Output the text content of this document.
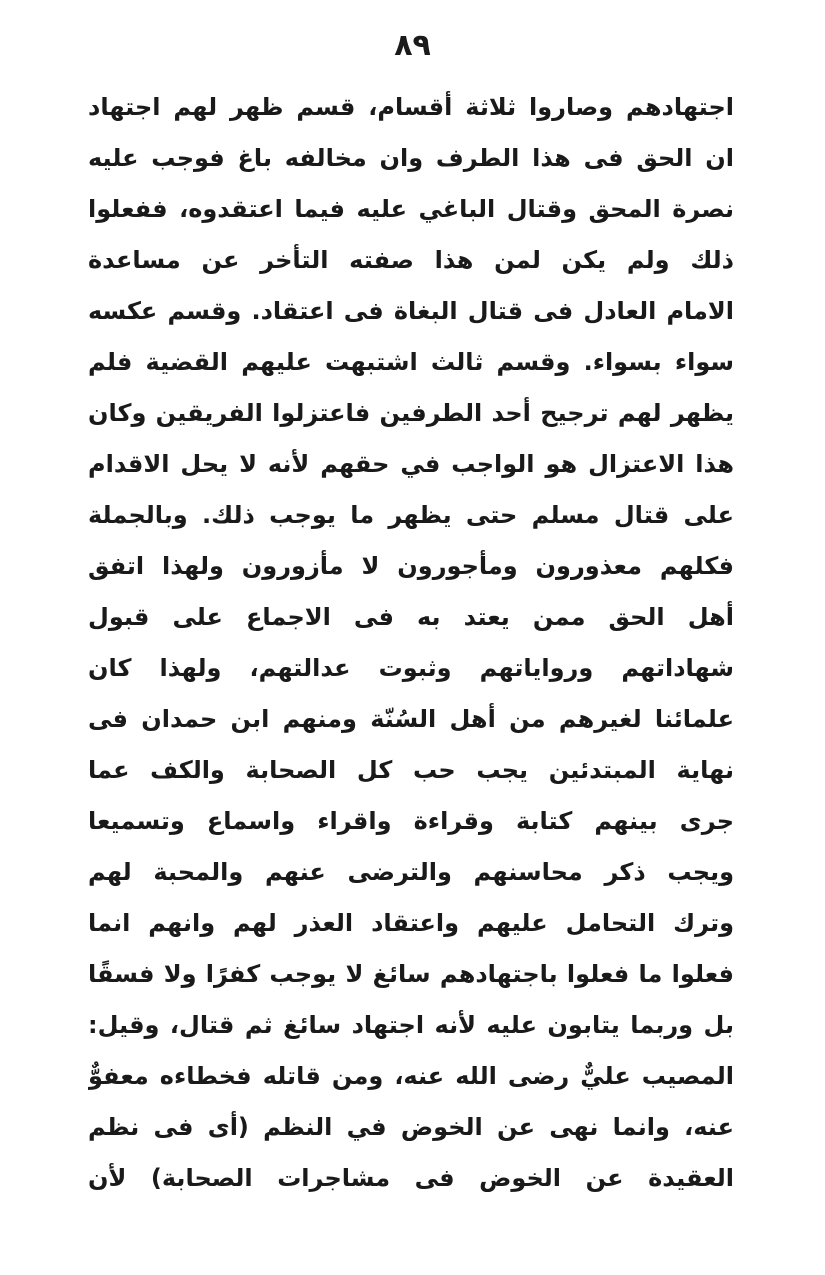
٨٩
اجتهادهم وصاروا ثلاثة أقسام، قسم ظهر لهم اجتهاد
ان الحق فى هذا الطرف وان مخالفه باغ فوجب عليه
نصرة المحق وقتال الباغي عليه فيما اعتقدوه، ففعلوا
ذلك ولم يكن لمن هذا صفته التأخر عن مساعدة
الامام العادل فى قتال البغاة فى اعتقاد. وقسم عكسه
سواء بسواء. وقسم ثالث اشتبهت عليهم القضية فلم
يظهر لهم ترجيح أحد الطرفين فاعتزلوا الفريقين وكان
هذا الاعتزال هو الواجب في حقهم لأنه لا يحل الاقدام
على قتال مسلم حتى يظهر ما يوجب ذلك. وبالجملة
فكلهم معذورون ومأجورون لا مأزورون ولهذا اتفق
أهل الحق ممن يعتد به فى الاجماع على قبول
شهاداتهم ورواياتهم وثبوت عدالتهم، ولهذا كان
علمائنا لغيرهم من أهل السُنّة ومنهم ابن حمدان فى
نهاية المبتدئين يجب حب كل الصحابة والكف عما
جرى بينهم كتابة وقراءة واقراء واسماع وتسميعا
ويجب ذكر محاسنهم والترضى عنهم والمحبة لهم
وترك التحامل عليهم واعتقاد العذر لهم وانهم انما
فعلوا ما فعلوا باجتهادهم سائغ لا يوجب كفرًا ولا فسقًا
بل وربما يتابون عليه لأنه اجتهاد سائغ ثم قتال، وقيل:
المصيب عليٌّ رضى الله عنه، ومن قاتله فخطاءه معفوٌّ
عنه، وانما نهى عن الخوض في النظم (أى فى نظم
العقيدة عن الخوض فى مشاجرات الصحابة) لأن
